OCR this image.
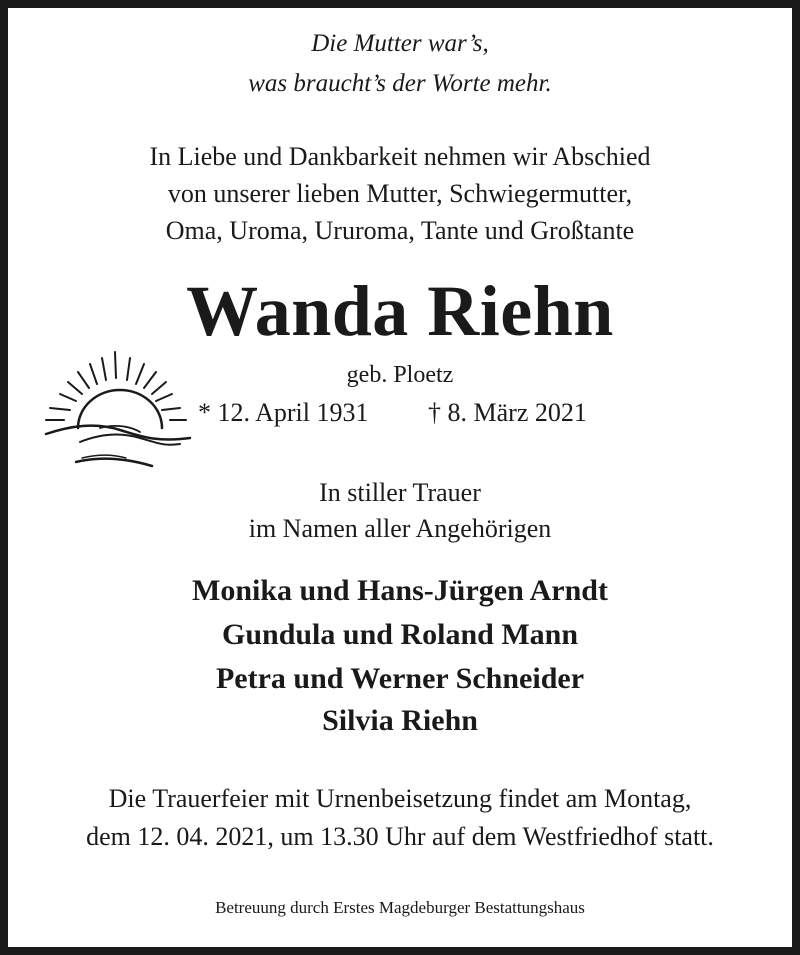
Die Mutter war’s,
was braucht’s der Worte mehr.
In Liebe und Dankbarkeit nehmen wir Abschied
von unserer lieben Mutter, Schwiegermutter,
Oma, Uroma, Ururoma, Tante und Großtante
Wanda Riehn
geb. Ploetz
* 12. April 1931 † 8. März 2021
In stiller Trauer
im Namen aller Angehörigen
Monika und Hans-Jürgen Arndt
Gundula und Roland Mann
Petra und Werner Schneider
Silvia Riehn
Die Trauerfeier mit Urnenbeisetzung findet am Montag,
dem 12. 04. 2021, um 13.30 Uhr auf dem Westfriedhof statt.
Betreuung durch Erstes Magdeburger Bestattungshaus
